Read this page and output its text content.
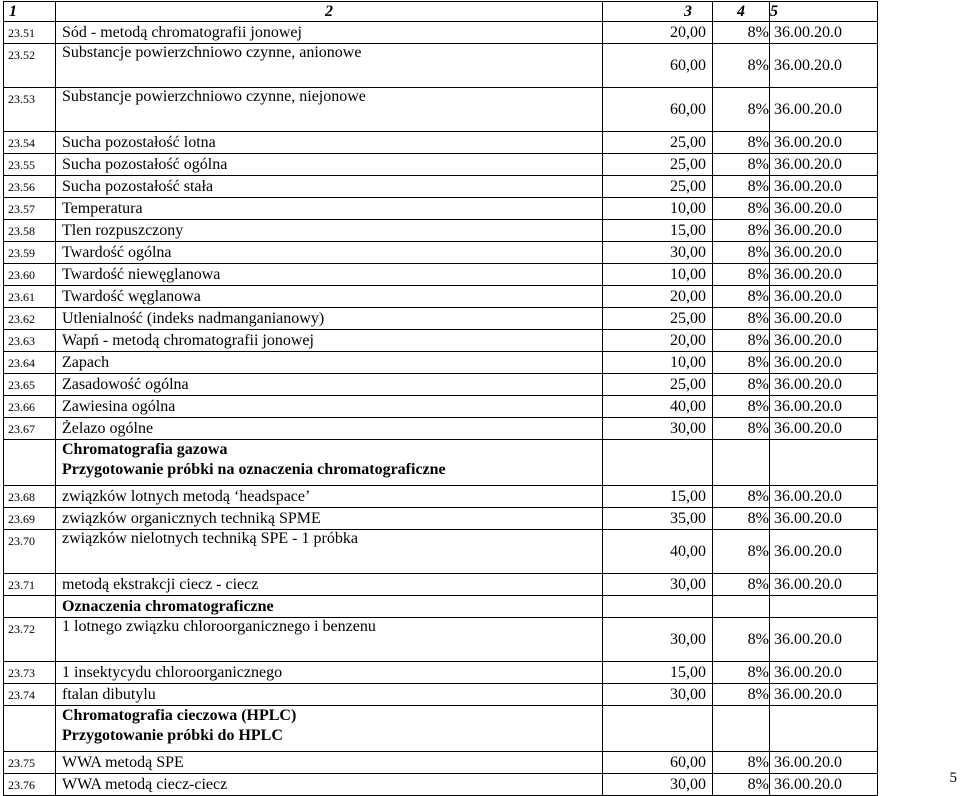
1	2	3	4	5
23.51	Sód - metodą chromatografii jonowej	20,00	8%	36.00.20.0
23.52	Substancje powierzchniowo czynne, anionowe	60,00	8%	36.00.20.0
23.53	Substancje powierzchniowo czynne, niejonowe	60,00	8%	36.00.20.0
23.54	Sucha pozostałość lotna	25,00	8%	36.00.20.0
23.55	Sucha pozostałość ogólna	25,00	8%	36.00.20.0
23.56	Sucha pozostałość stała	25,00	8%	36.00.20.0
23.57	Temperatura	10,00	8%	36.00.20.0
23.58	Tlen rozpuszczony	15,00	8%	36.00.20.0
23.59	Twardość ogólna	30,00	8%	36.00.20.0
23.60	Twardość niewęglanowa	10,00	8%	36.00.20.0
23.61	Twardość węglanowa	20,00	8%	36.00.20.0
23.62	Utlenialność (indeks nadmanganianowy)	25,00	8%	36.00.20.0
23.63	Wapń - metodą chromatografii jonowej	20,00	8%	36.00.20.0
23.64	Zapach	10,00	8%	36.00.20.0
23.65	Zasadowość ogólna	25,00	8%	36.00.20.0
23.66	Zawiesina ogólna	40,00	8%	36.00.20.0
23.67	Żelazo ogólne	30,00	8%	36.00.20.0

	Chromatografia gazowa
Przygotowanie próbki na oznaczenia chromatograficzne			

23.68	związków lotnych metodą ‘headspace’	15,00	8%	36.00.20.0
23.69	związków organicznych techniką SPME	35,00	8%	36.00.20.0
23.70	związków nielotnych techniką SPE - 1 próbka	40,00	8%	36.00.20.0
23.71	metodą ekstrakcji ciecz - ciecz	30,00	8%	36.00.20.0

	Oznaczenia chromatograficzne			

23.72	1 lotnego związku chloroorganicznego i benzenu	30,00	8%	36.00.20.0
23.73	1 insektycydu chloroorganicznego	15,00	8%	36.00.20.0
23.74	ftalan dibutylu	30,00	8%	36.00.20.0

	Chromatografia cieczowa (HPLC)
Przygotowanie próbki do HPLC			

23.75	WWA metodą SPE	60,00	8%	36.00.20.0
23.76	WWA metodą ciecz-ciecz	30,00	8%	36.00.20.0	5
